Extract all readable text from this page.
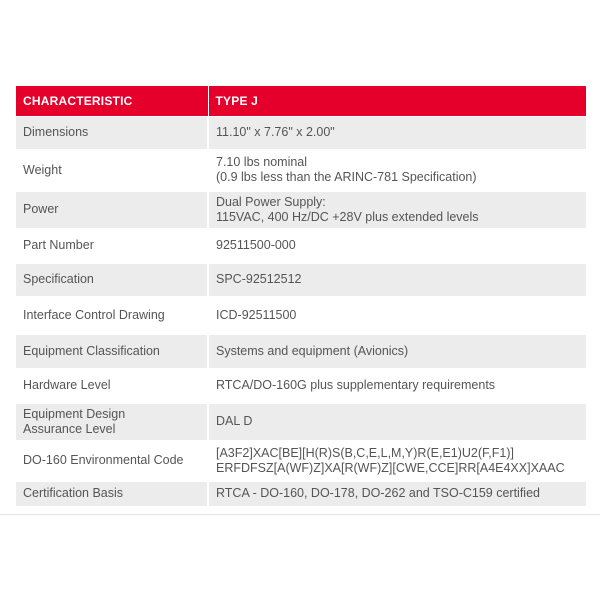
CHARACTERISTIC	TYPE J

Dimensions	11.10" x 7.76" x 2.00"

Weight	7.10 lbs nominal
(0.9 lbs less than the ARINC-781 Specification)

Power	Dual Power Supply:
115VAC, 400 Hz/DC +28V plus extended levels

Part Number	92511500-000

Specification	SPC-92512512

Interface Control Drawing	ICD-92511500

Equipment Classification	Systems and equipment (Avionics)

Hardware Level	RTCA/DO-160G plus supplementary requirements

Equipment Design
Assurance Level	DAL D

DO-160 Environmental Code	[A3F2]XAC[BE][H(R)S(B,C,E,L,M,Y)R(E,E1)U2(F,F1)]
ERFDFSZ[A(WF)Z]XA[R(WF)Z][CWE,CCE]RR[A4E4XX]XAAC

Certification Basis	RTCA - DO-160, DO-178, DO-262 and TSO-C159 certified
